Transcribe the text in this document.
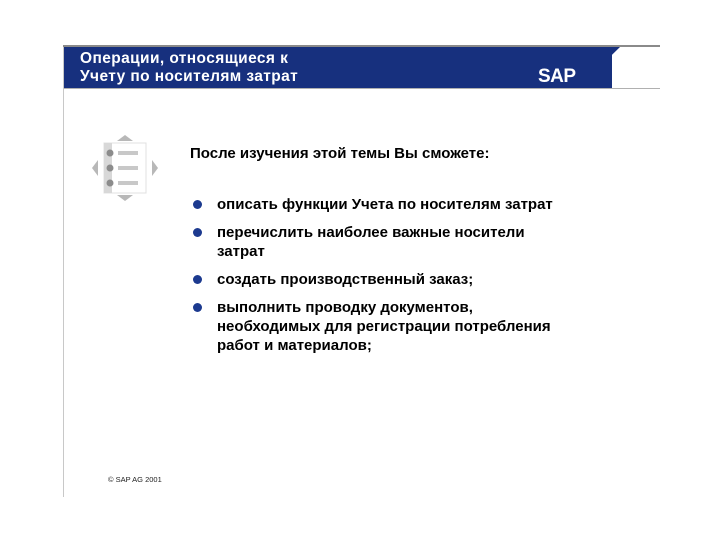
Операции, относящиеся к
Учету по носителям затрат	SAP
После изучения этой темы Вы сможете:
описать функции Учета по носителям затрат
перечислить наиболее важные носители
затрат
создать производственный заказ;
выполнить проводку документов,
необходимых для регистрации потребления
работ и материалов;
© SAP AG 2001
